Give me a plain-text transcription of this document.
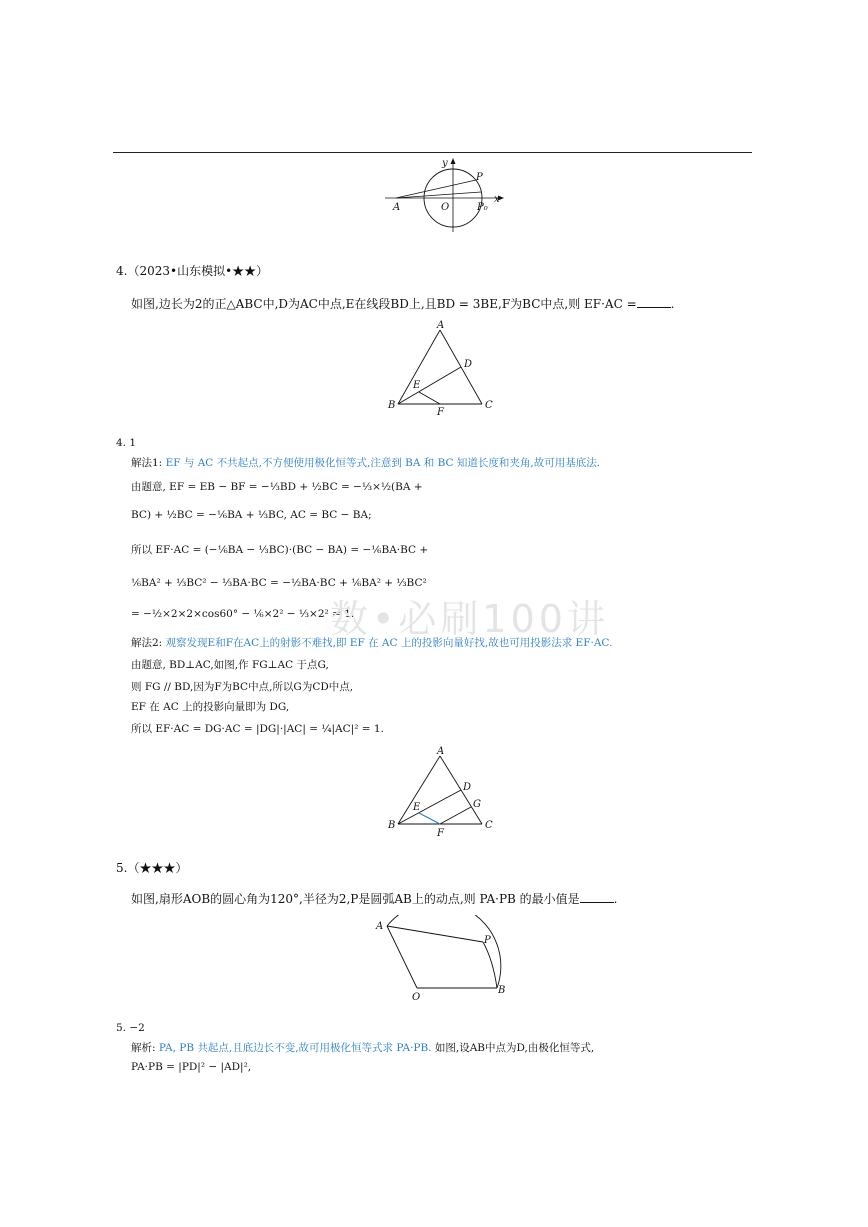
y
P
A	O	P₀
x
4.（2023•山东模拟•★★）
如图,边长为2的正△ABC中,D为AC中点,E在线段BD上,且BD = 3BE,F为BC中点,则 EF·AC =	.
A
D
E
B
F
C
4. 1
解法1: EF 与 AC 不共起点,不方便使用极化恒等式,注意到 BA 和 BC 知道长度和夹角,故可用基底法.
由题意, EF = EB − BF = −⅓BD + ½BC = −⅓×½(BA +
BC) + ½BC = −⅙BA + ⅓BC, AC = BC − BA;
所以 EF·AC = (−⅙BA − ⅓BC)·(BC − BA) = −⅙BA·BC +
⅙BA² + ⅓BC² − ⅓BA·BC = −½BA·BC + ⅙BA² + ⅓BC²
= −½×2×2×cos60° − ⅙×2² − ⅓×2² = 1.
数•必刷100讲
解法2: 观察发现E和F在AC上的射影不难找,即 EF 在 AC 上的投影向量好找,故也可用投影法求 EF·AC.
由题意, BD⊥AC,如图,作 FG⊥AC 于点G,
则 FG // BD,因为F为BC中点,所以G为CD中点,
EF 在 AC 上的投影向量即为 DG,
所以 EF·AC = DG·AC = |DG|·|AC| = ¼|AC|² = 1.
A
D
G
E
B
F
C
5.（★★★）
如图,扇形AOB的圆心角为120°,半径为2,P是圆弧AB上的动点,则 PA·PB 的最小值是	.
A
P
O
B
5. −2
解析: PA, PB 共起点,且底边长不变,故可用极化恒等式求 PA·PB. 如图,设AB中点为D,由极化恒等式,
PA·PB = |PD|² − |AD|²,
